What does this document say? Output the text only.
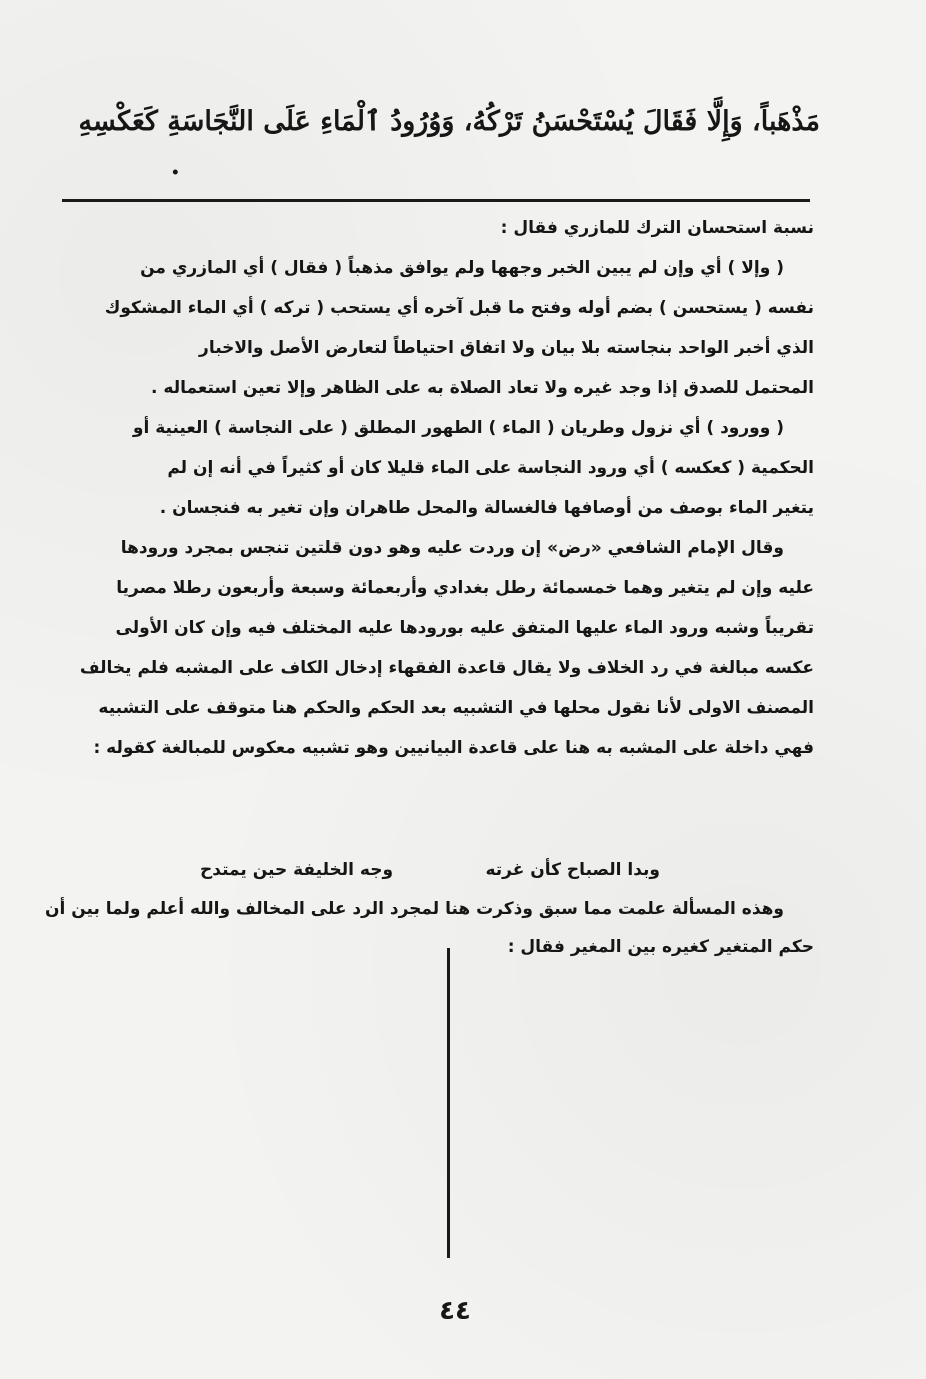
مَذْهَباً، وَإِلَّا فَقَالَ يُسْتَحْسَنُ تَرْكُهُ، وَوُرُودُ ٱلْمَاءِ عَلَى النَّجَاسَةِ كَعَكْسِهِ
.
نسبة استحسان الترك للمازري فقال :
( وإلا ) أي وإن لم يبين الخبر وجهها ولم يوافق مذهباً ( فقال ) أي المازري من
نفسه ( يستحسن ) بضم أوله وفتح ما قبل آخره أي يستحب ( تركه ) أي الماء المشكوك
الذي أخبر الواحد بنجاسته بلا بيان ولا اتفاق احتياطاً لتعارض الأصل والاخبار
المحتمل للصدق إذا وجد غيره ولا تعاد الصلاة به على الظاهر وإلا تعين استعماله .
( وورود ) أي نزول وطريان ( الماء ) الطهور المطلق ( على النجاسة ) العينية أو
الحكمية ( كعكسه ) أي ورود النجاسة على الماء قليلا كان أو كثيراً في أنه إن لم
يتغير الماء بوصف من أوصافها فالغسالة والمحل طاهران وإن تغير به فنجسان .
وقال الإمام الشافعي «رض» إن وردت عليه وهو دون قلتين تنجس بمجرد ورودها
عليه وإن لم يتغير وهما خمسمائة رطل بغدادي وأربعمائة وسبعة وأربعون رطلا مصريا
تقريباً وشبه ورود الماء عليها المتفق عليه بورودها عليه المختلف فيه وإن كان الأولى
عكسه مبالغة في رد الخلاف ولا يقال قاعدة الفقهاء إدخال الكاف على المشبه فلم يخالف
المصنف الاولى لأنا نقول محلها في التشبيه بعد الحكم والحكم هنا متوقف على التشبيه
فهي داخلة على المشبه به هنا على قاعدة البيانيين وهو تشبيه معكوس للمبالغة كقوله :
وبدا الصباح كأن غرته
وجه الخليفة حين يمتدح
وهذه المسألة علمت مما سبق وذكرت هنا لمجرد الرد على المخالف والله أعلم ولما بين أن
حكم المتغير كغيره بين المغير فقال :
٤٤
